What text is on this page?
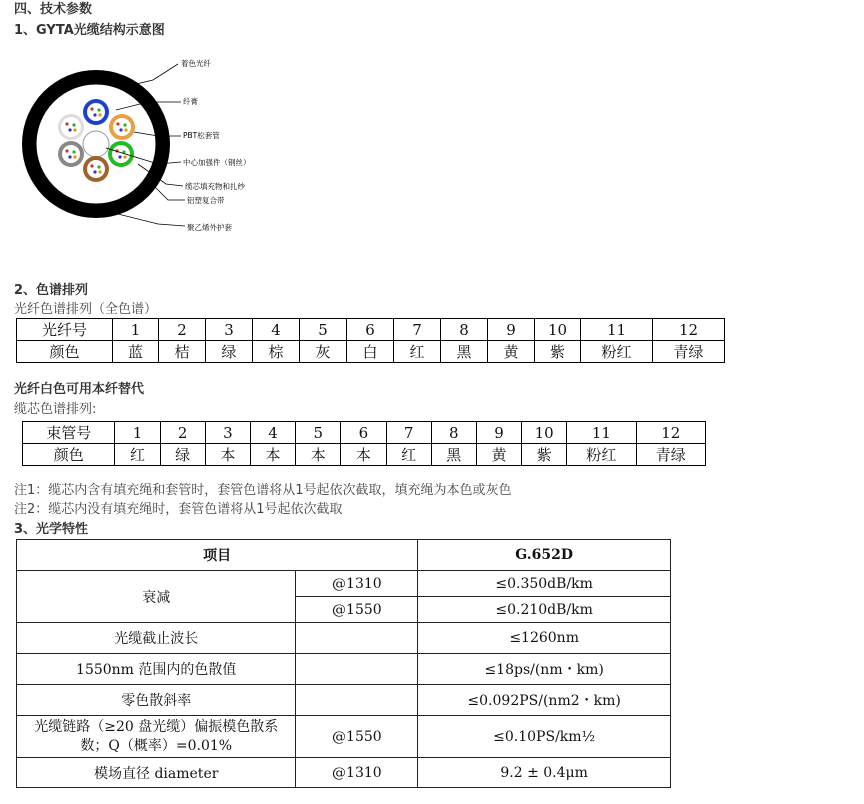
四、技术参数
1、GYTA光缆结构示意图
着色光纤
纤膏
PBT松套管
中心加强件（钢丝）
缆芯填充物和扎纱
铝塑复合带
聚乙烯外护套
2、色谱排列
光纤色谱排列（全色谱）
光纤号	1	2	3	4	5	6	7	8	9	10	11	12
颜色	蓝	桔	绿	棕	灰	白	红	黑	黄	紫	粉红	青绿
光纤白色可用本纤替代
缆芯色谱排列:
束管号	1	2	3	4	5	6	7	8	9	10	11	12
颜色	红	绿	本	本	本	本	红	黑	黄	紫	粉红	青绿
注1：缆芯内含有填充绳和套管时，套管色谱将从1号起依次截取，填充绳为本色或灰色
注2：缆芯内没有填充绳时，套管色谱将从1号起依次截取
3、光学特性
项目		G.652D
衰减	@1310	≤0.350dB/km
	@1550	≤0.210dB/km
光缆截止波长		≤1260nm
1550nm 范围内的色散值		≤18ps/(nm・km)
零色散斜率		≤0.092PS/(nm2・km)
光缆链路（≥20 盘光缆）偏振模色散系数；Q（概率）=0.01%	@1550	≤0.10PS/km½
模场直径 diameter	@1310	9.2 ± 0.4μm
